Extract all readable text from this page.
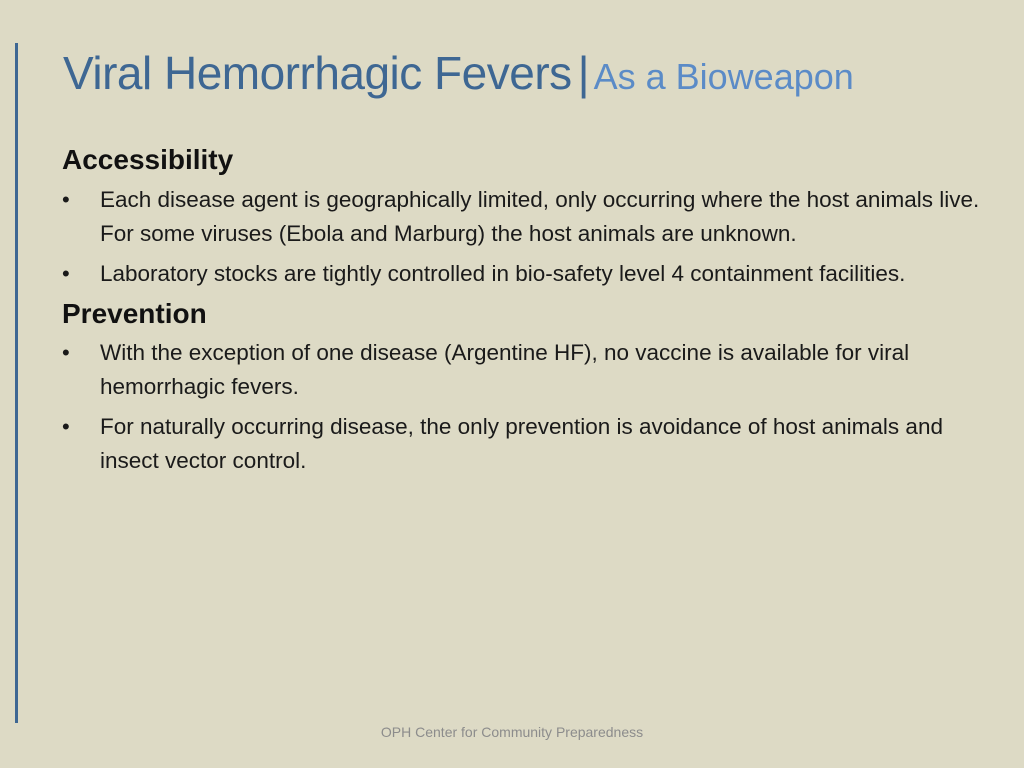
Viral Hemorrhagic Fevers | As a Bioweapon
Accessibility
• Each disease agent is geographically limited, only occurring where the host animals live. For some viruses (Ebola and Marburg) the host animals are unknown.
• Laboratory stocks are tightly controlled in bio-safety level 4 containment facilities.
Prevention
• With the exception of one disease (Argentine HF), no vaccine is available for viral hemorrhagic fevers.
• For naturally occurring disease, the only prevention is avoidance of host animals and insect vector control.
OPH Center for Community Preparedness
